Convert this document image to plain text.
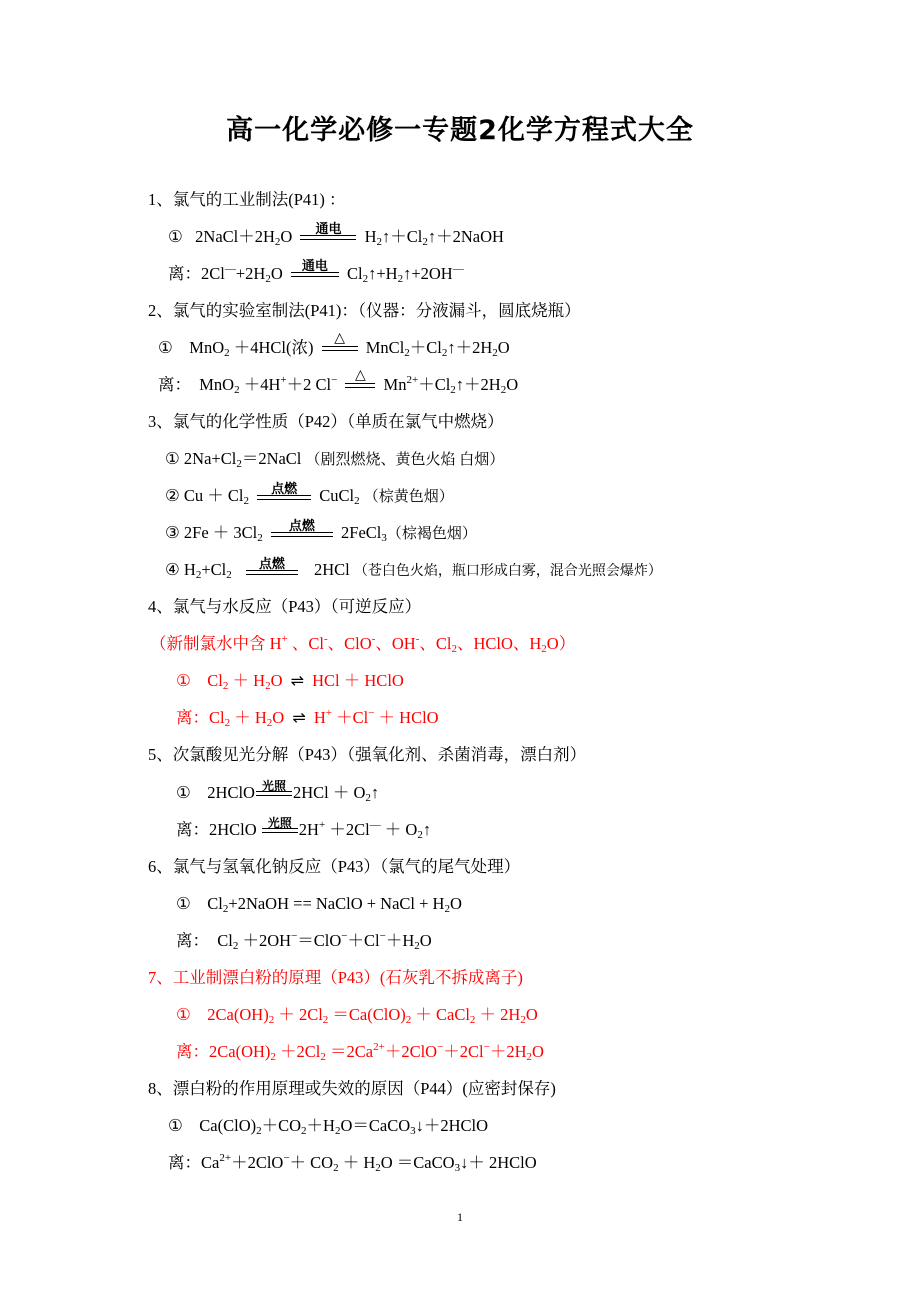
高一化学必修一专题2化学方程式大全
1、氯气的工业制法(P41) ：
① $2NaCl+2H_2O$	通电	$H_2↑+Cl_2↑+2NaOH$
离：$2Cl^—+2H_2O$	通电	$Cl_2↑+H_2↑+2OH^—$
2、氯气的实验室制法(P41)：（仪器：分液漏斗，圆底烧瓶）
①　MnO$_2$ ＋4HCl(浓)	△	$MnCl_2+Cl_2↑+2H_2O$
离：　MnO$_2$ ＋4H+＋2 Cl−	△	$Mn^{2+}+Cl_2↑+2H_2O$
3、氯气的化学性质（P42）（单质在氯气中燃烧）
① $2Na+Cl_2=2NaCl$ （剧烈燃烧、黄色火焰 白烟）
② $Cu + Cl_2$
点燃	CuCl$_2$ （棕黄色烟）
③ $2Fe + 3Cl_2$
点燃	2FeCl$_3$（棕褐色烟）
④ $H_2+Cl_2$
点燃	2HCl （苍白色火焰，瓶口形成白雾，混合光照会爆炸）
4、氯气与水反应（P43）（可逆反应）
（新制氯水中含 H+ 、Cl-、ClO-、OH-、$Cl_2$、HClO、$H_2O$）
①　$Cl_2 + H_2O$ ⇌ HCl ＋ HClO
离：$Cl_2 + H_2O$ ⇌ H+ ＋Cl− ＋ HClO
5、次氯酸见光分解（P43）（强氧化剂、杀菌消毒，漂白剂）
①　2HClO 光照 $2HCl + O_2↑$
离：2HClO 光照 $2H^+ +2Cl^— + O_2↑$
6、氯气与氢氧化钠反应（P43）（氯气的尾气处理）
①　$Cl_2+2NaOH$ == NaClO + NaCl + $H_2O$
离：　$Cl_2 +2OH^-=ClO^-+Cl^-+H_2O$
7、工业制漂白粉的原理（P43）(石灰乳不拆成离子)
①　$2Ca(OH)_2 + 2Cl_2 =Ca(ClO)_2$ ＋ CaCl$_2$ ＋ $2H_2O$
离：$2Ca(OH)_2 +2Cl_2 =2Ca^{2+}+2ClO^-+2Cl^-+2H_2O$
8、漂白粉的作用原理或失效的原因（P44）(应密封保存)
①　$Ca(ClO)_2+CO_2+H_2O=CaCO_3↓+2HClO$
离：$Ca^{2+}+2ClO^-+ CO_2 + H_2O$ ＝CaCO$_3$↓＋ 2HClO
1
